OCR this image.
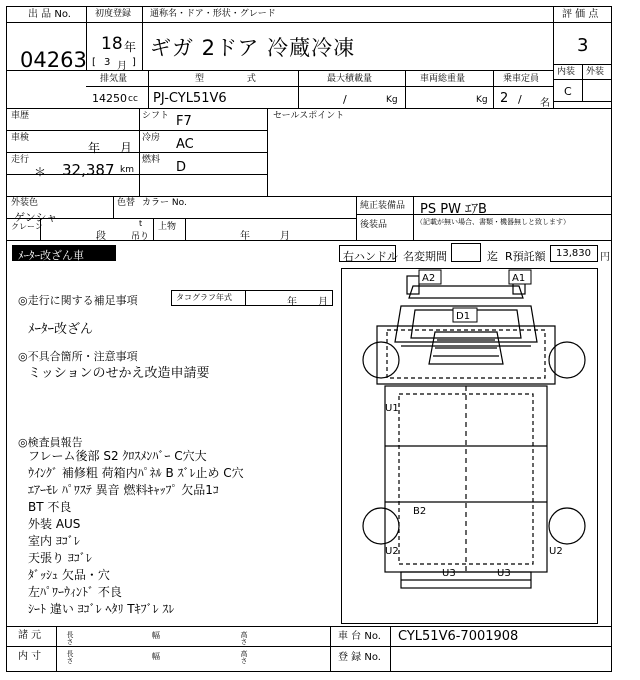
出 品 No.
04263
初度登録 通称名・ドア・形状・グレード
18 年
[ 3 月 ]
ギガ 2ドア 冷蔵冷凍
評 価 点
3
内装 外装
C
排気量
14250 cc
型 式
PJ-CYL51V6
最大積載量
/	Kg
車両総重量
Kg
乗車定員
2 / 名
車歴	シフト F7
車検
年 月
冷房 AC
走行
＊ 32,387 km
燃料 D
セールスポイント
外装色
ゲンシャ
色替 カラー No.	純正装備品 PS PW ｴｱB
後装品	（記載が無い場合、書類・機器無しと致します）
クレーン
段
t
吊り
上物
年	月
ﾒｰﾀｰ改ざん車	右ハンドル 名変期間	迄 R預託額 13,830 円
◎走行に関する補足事項	タコグラフ年式	年 月
ﾒｰﾀｰ改ざん
◎不具合箇所・注意事項
ミッションのせかえ改造申請要
◎検査員報告
フレーム後部 S2 ｸﾛｽﾒﾝﾊﾞｰ C穴大
ｳｲﾝｸﾞ 補修粗 荷箱内ﾊﾟﾈﾙ B ｽﾞﾚ止め C穴
ｴｱｰﾓﾚ ﾊﾟﾜｽﾃ 異音 燃料ｷｬｯﾌﾟ 欠品1ｺ
BT 不良
外装 AUS
室内 ﾖｺﾞﾚ
天張り ﾖｺﾞﾚ
ﾀﾞｯｼｭ 欠品・穴
左ﾊﾟﾜｰｳｨﾝﾄﾞ 不良
ｼｰﾄ 違い ﾖｺﾞﾚ ﾍﾀﾘ Tｷﾌﾞﾚ ｽﾚ
A2	A1
D1
U1
B2
U2	U2
U3	U3
諸 元	長さ	幅	高さ
内 寸	長さ	幅	高さ
車 台 No. CYL51V6-7001908
登 録 No.
